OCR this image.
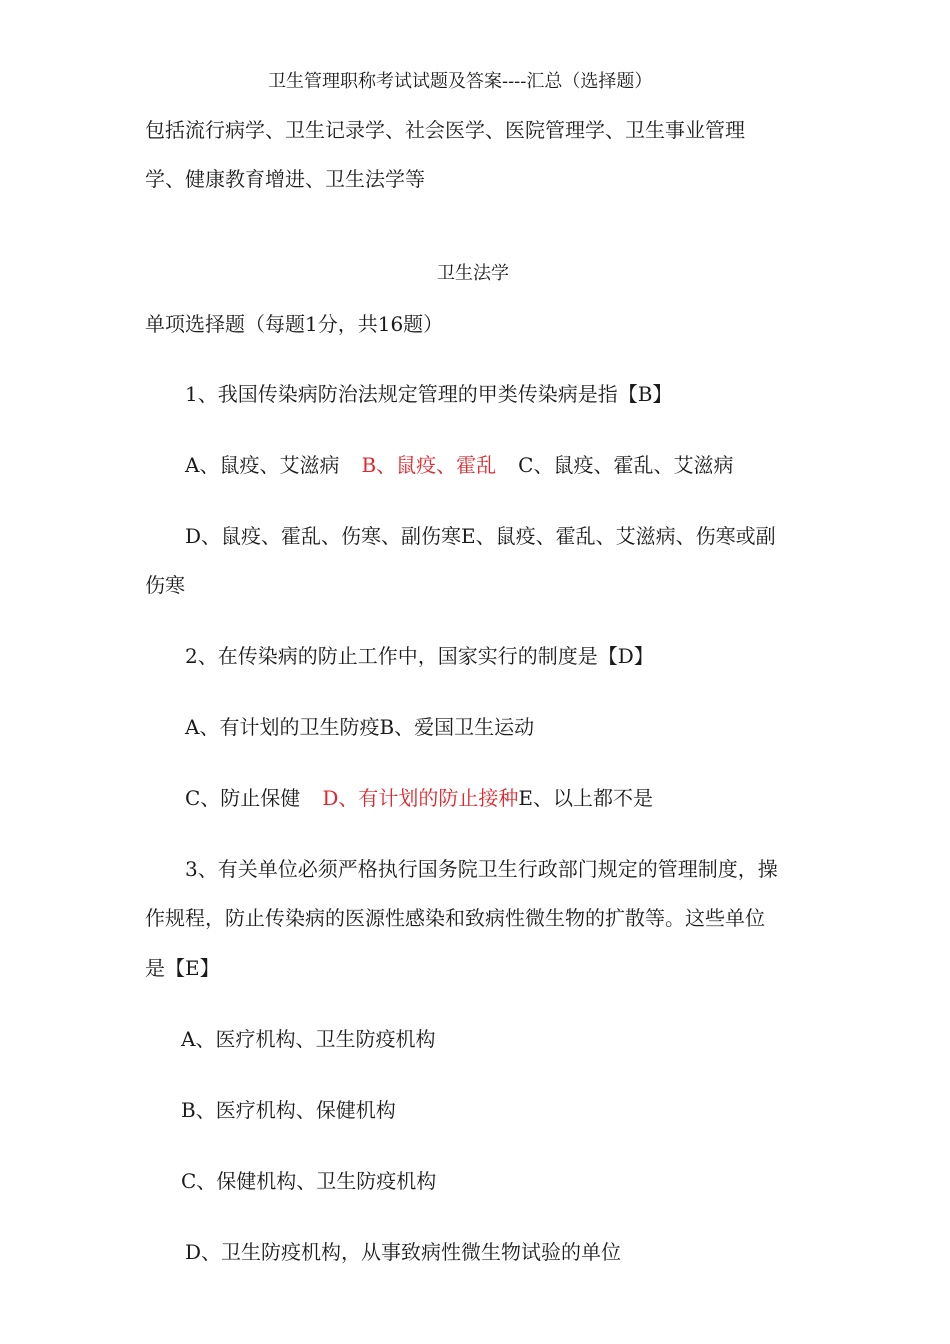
卫生管理职称考试试题及答案----汇总（选择题）
包括流行病学、卫生记录学、社会医学、医院管理学、卫生事业管理
学、健康教育增进、卫生法学等
卫生法学
单项选择题（每题1分，共16题）
1、我国传染病防治法规定管理的甲类传染病是指【B】
A、鼠疫、艾滋病 B、鼠疫、霍乱 C、鼠疫、霍乱、艾滋病
D、鼠疫、霍乱、伤寒、副伤寒E、鼠疫、霍乱、艾滋病、伤寒或副
伤寒
2、在传染病的防止工作中，国家实行的制度是【D】
A、有计划的卫生防疫B、爱国卫生运动
C、防止保健 D、有计划的防止接种E、以上都不是
3、有关单位必须严格执行国务院卫生行政部门规定的管理制度，操
作规程，防止传染病的医源性感染和致病性微生物的扩散等。这些单位
是【E】
A、医疗机构、卫生防疫机构
B、医疗机构、保健机构
C、保健机构、卫生防疫机构
D、卫生防疫机构，从事致病性微生物试验的单位
